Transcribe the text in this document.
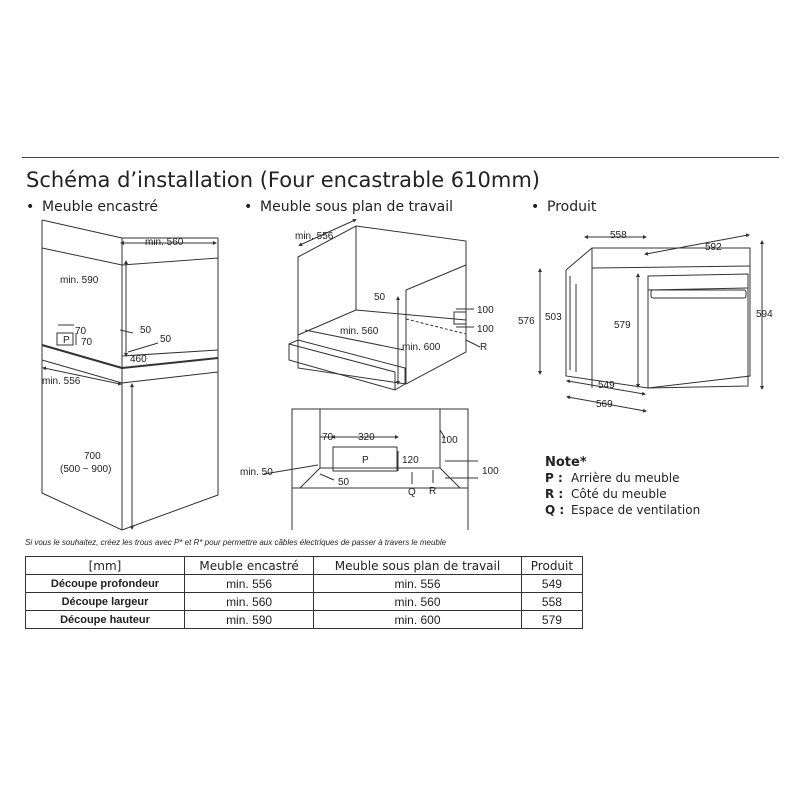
Schéma d’installation (Four encastrable 610mm)
• Meuble encastré	• Meuble sous plan de travail	• Produit
min. 560
min. 590
70
P 70
50
50
460
min. 556
700
(500 ~ 900)
min. 556
50
min. 560
min. 600
100
100
R
558
592
576 503
579
594
549
569
70 320	100
P	120
min. 50
50
Q R
100
Note*
P : Arrière du meuble
R : Côté du meuble
Q : Espace de ventilation
Si vous le souhaitez, créez les trous avec P* et R* pour permettre aux câbles électriques de passer à travers le meuble
[mm]	Meuble encastré	Meuble sous plan de travail	Produit
Découpe profondeur	min. 556	min. 556	549
Découpe largeur	min. 560	min. 560	558
Découpe hauteur	min. 590	min. 600	579
